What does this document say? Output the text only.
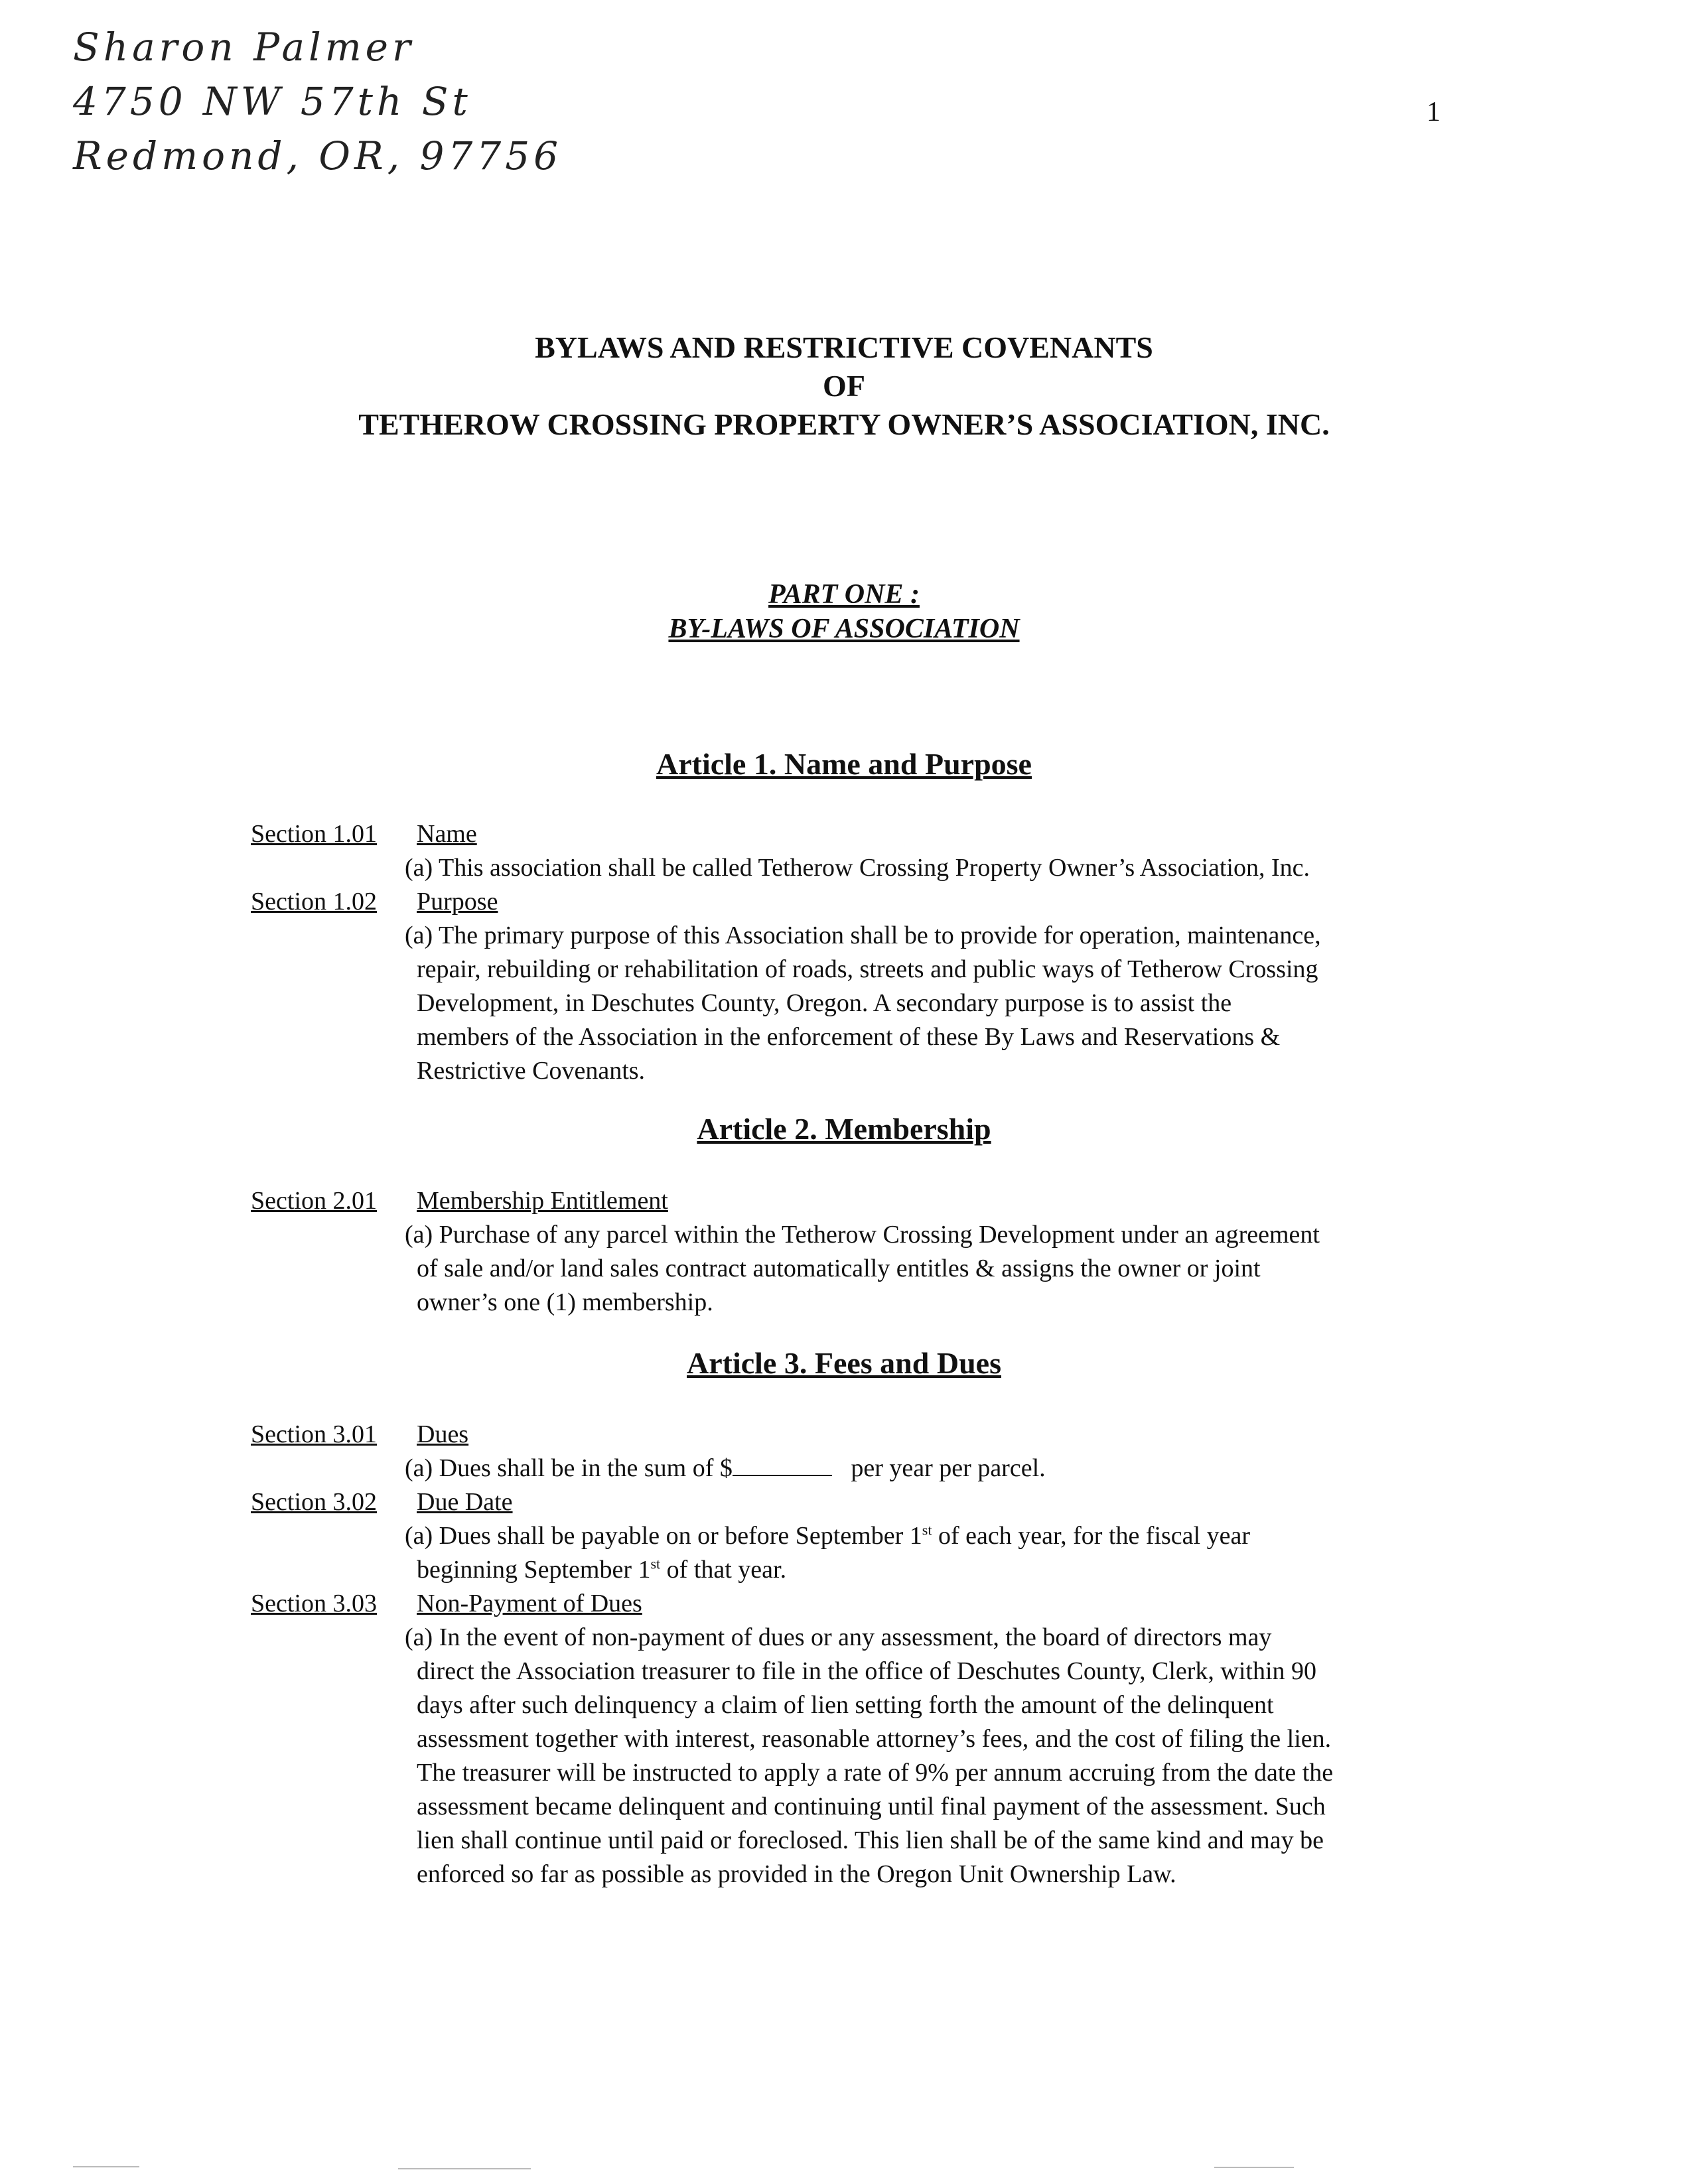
Sharon Palmer
4750 NW 57th St
Redmond, OR, 97756
1
BYLAWS AND RESTRICTIVE COVENANTS
OF
TETHEROW CROSSING PROPERTY OWNER’S ASSOCIATION, INC.
PART ONE :
BY-LAWS OF ASSOCIATION
Article 1. Name and Purpose
Section 1.01 Name
(a) This association shall be called Tetherow Crossing Property Owner’s Association, Inc.
Section 1.02 Purpose
(a) The primary purpose of this Association shall be to provide for operation, maintenance,
repair, rebuilding or rehabilitation of roads, streets and public ways of Tetherow Crossing
Development, in Deschutes County, Oregon. A secondary purpose is to assist the
members of the Association in the enforcement of these By Laws and Reservations &
Restrictive Covenants.
Article 2. Membership
Section 2.01 Membership Entitlement
(a) Purchase of any parcel within the Tetherow Crossing Development under an agreement
of sale and/or land sales contract automatically entitles & assigns the owner or joint
owner’s one (1) membership.
Article 3. Fees and Dues
Section 3.01 Dues
(a) Dues shall be in the sum of $	per year per parcel.
Section 3.02 Due Date
(a) Dues shall be payable on or before September 1st of each year, for the fiscal year
beginning September 1st of that year.
Section 3.03 Non-Payment of Dues
(a) In the event of non-payment of dues or any assessment, the board of directors may
direct the Association treasurer to file in the office of Deschutes County, Clerk, within 90
days after such delinquency a claim of lien setting forth the amount of the delinquent
assessment together with interest, reasonable attorney’s fees, and the cost of filing the lien.
The treasurer will be instructed to apply a rate of 9% per annum accruing from the date the
assessment became delinquent and continuing until final payment of the assessment. Such
lien shall continue until paid or foreclosed. This lien shall be of the same kind and may be
enforced so far as possible as provided in the Oregon Unit Ownership Law.
